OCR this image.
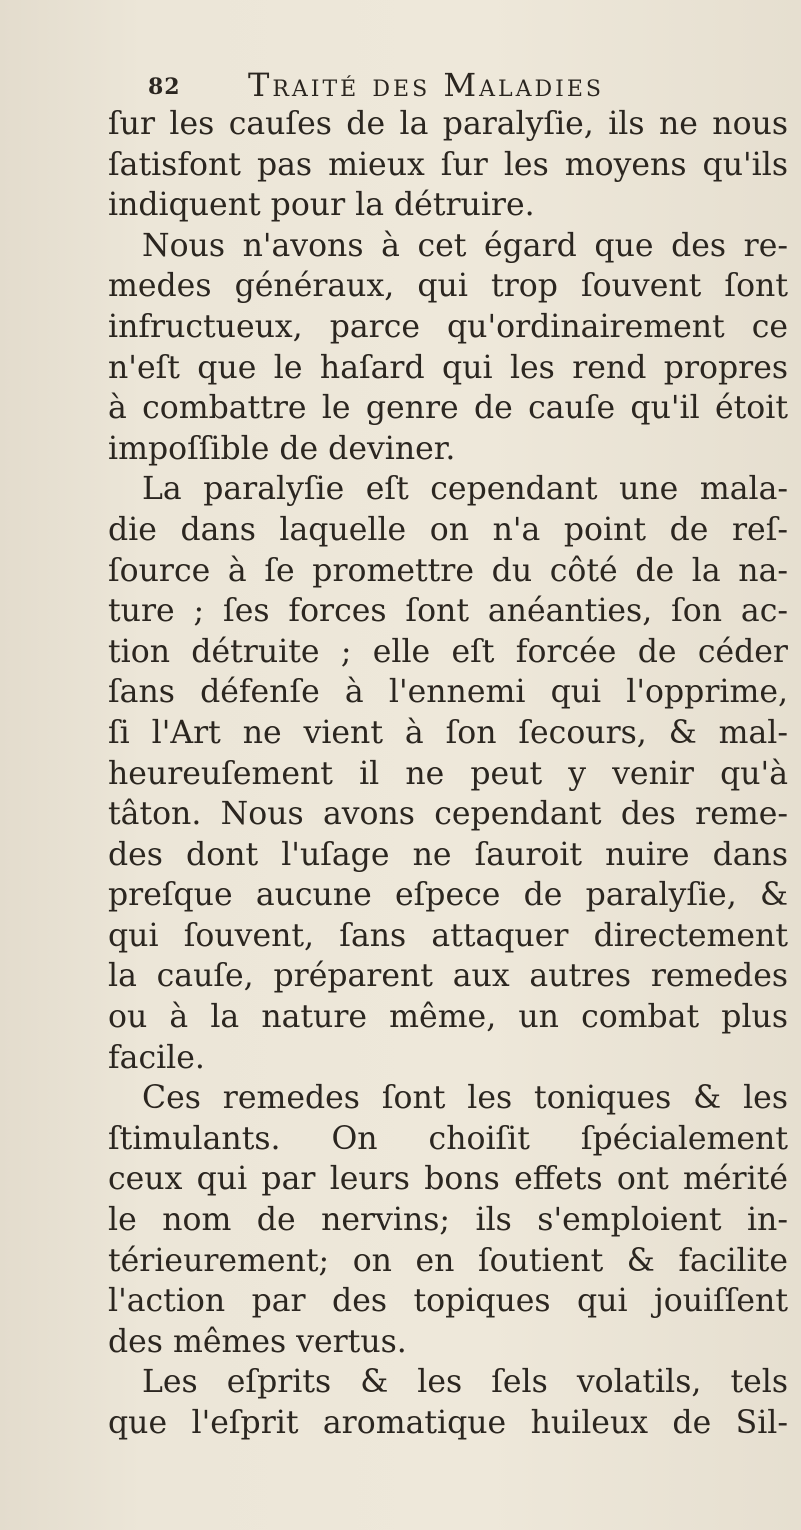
82 Traité des Maladies
ſur les cauſes de la paralyſie, ils ne nous
ſatisfont pas mieux ſur les moyens qu'ils
indiquent pour la détruire.
Nous n'avons à cet égard que des re-
medes généraux, qui trop ſouvent ſont
infructueux, parce qu'ordinairement ce
n'eſt que le haſard qui les rend propres
à combattre le genre de cauſe qu'il étoit
impoſſible de deviner.
La paralyſie eſt cependant une mala-
die dans laquelle on n'a point de reſ-
ſource à ſe promettre du côté de la na-
ture ; ſes forces ſont anéanties, ſon ac-
tion détruite ; elle eſt forcée de céder
ſans défenſe à l'ennemi qui l'opprime,
ſi l'Art ne vient à ſon ſecours, & mal-
heureuſement il ne peut y venir qu'à
tâton. Nous avons cependant des reme-
des dont l'uſage ne ſauroit nuire dans
preſque aucune eſpece de paralyſie, &
qui ſouvent, ſans attaquer directement
la cauſe, préparent aux autres remedes
ou à la nature même, un combat plus
facile.
Ces remedes ſont les toniques & les
ſtimulants. On choiſit ſpécialement
ceux qui par leurs bons effets ont mérité
le nom de nervins; ils s'emploient in-
térieurement; on en ſoutient & facilite
l'action par des topiques qui jouiſſent
des mêmes vertus.
Les eſprits & les ſels volatils, tels
que l'eſprit aromatique huileux de Sil-
